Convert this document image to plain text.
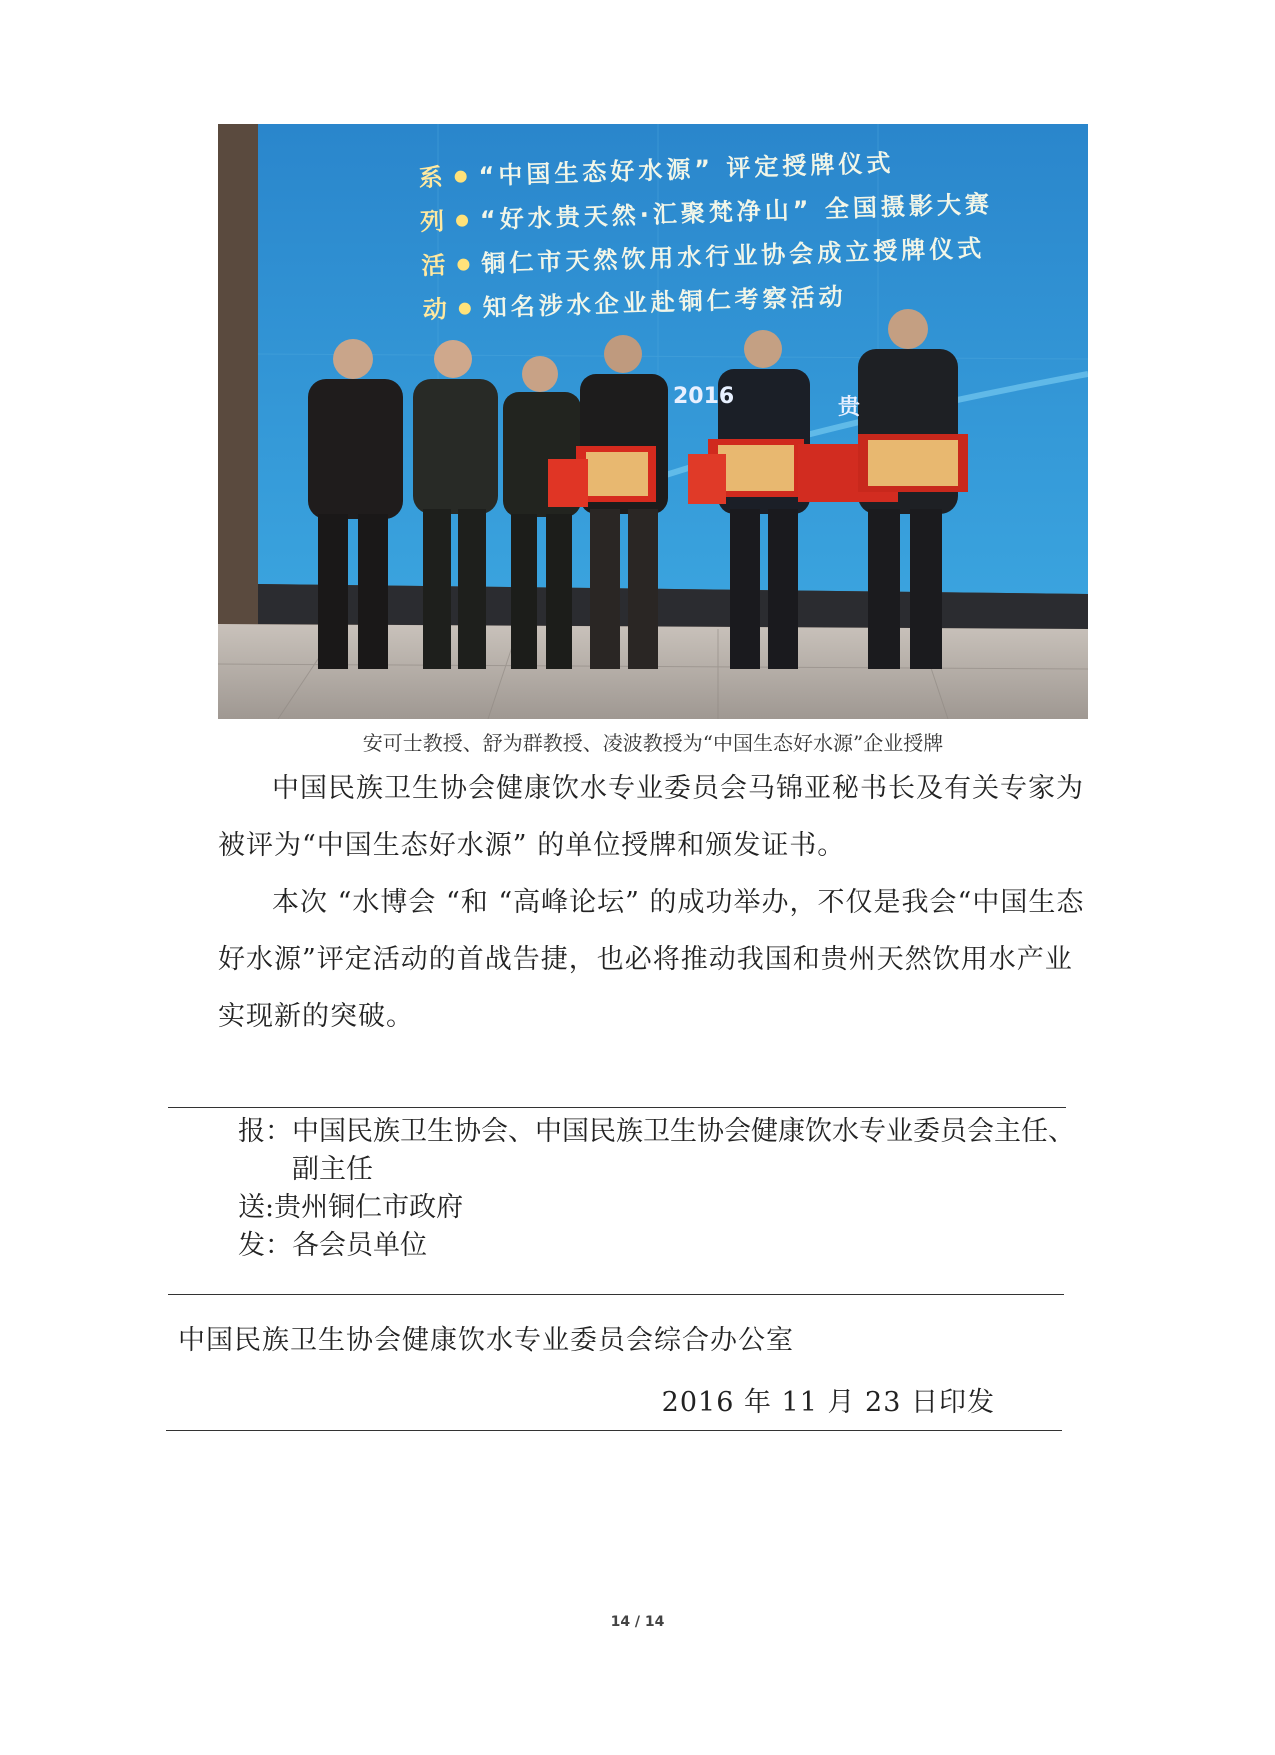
系 “中国生态好水源” 评定授牌仪式
列 “好水贵天然·汇聚梵净山” 全国摄影大赛
活 铜仁市天然饮用水行业协会成立授牌仪式
动 知名涉水企业赴铜仁考察活动
2016	贵
安可士教授、舒为群教授、凌波教授为“中国生态好水源”企业授牌
中国民族卫生协会健康饮水专业委员会马锦亚秘书长及有关专家为被评为“中国生态好水源” 的单位授牌和颁发证书。
本次 “水博会 “和 “高峰论坛” 的成功举办，不仅是我会“中国生态好水源”评定活动的首战告捷，也必将推动我国和贵州天然饮用水产业实现新的突破。
报： 中国民族卫生协会、中国民族卫生协会健康饮水专业委员会主任、副主任
送: 贵州铜仁市政府
发： 各会员单位
中国民族卫生协会健康饮水专业委员会综合办公室
2016 年 11 月 23 日印发
14 / 14
